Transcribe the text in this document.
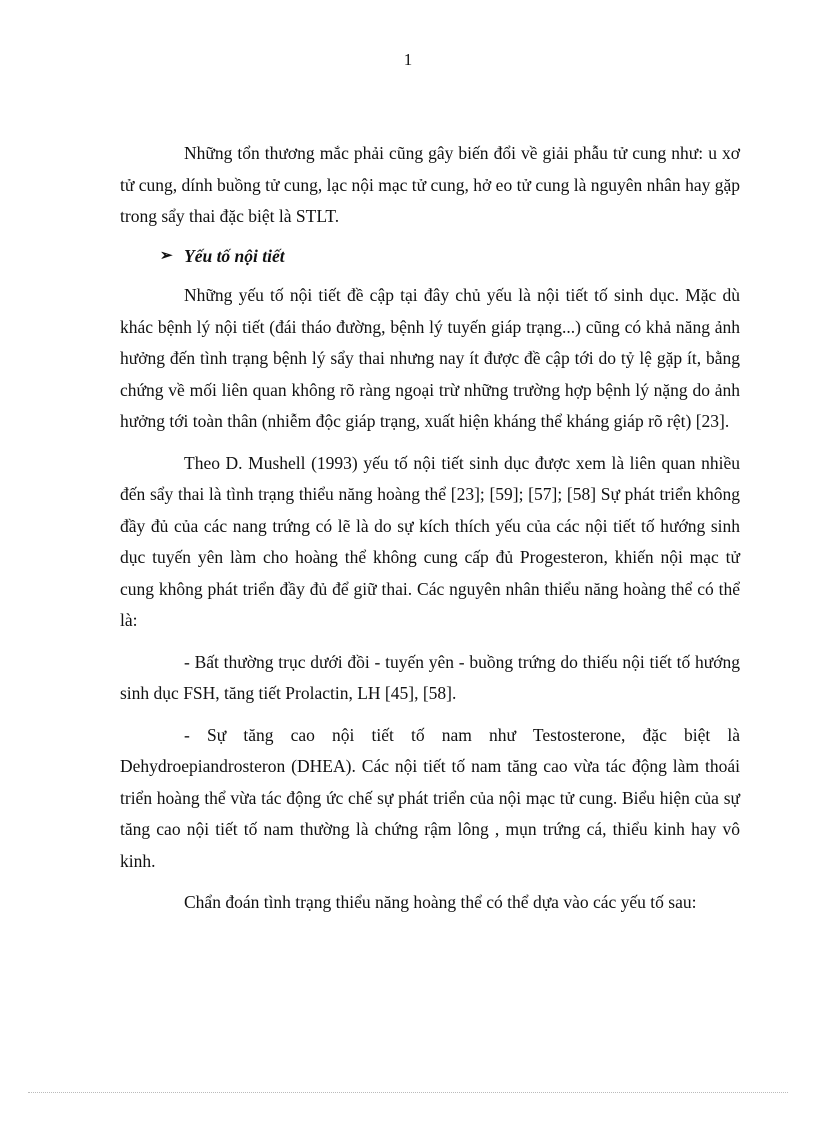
1

Những tổn thương mắc phải cũng gây biến đổi về giải phẫu tử cung như: u xơ tử cung, dính buồng tử cung, lạc nội mạc tử cung, hở eo tử cung là nguyên nhân hay gặp trong sẩy thai đặc biệt là STLT.

➢ Yếu tố nội tiết

Những yếu tố nội tiết đề cập tại đây chủ yếu là nội tiết tố sinh dục. Mặc dù khác bệnh lý nội tiết (đái tháo đường, bệnh lý tuyến giáp trạng...) cũng có khả năng ảnh hưởng đến tình trạng bệnh lý sẩy thai nhưng nay ít được đề cập tới do tỷ lệ gặp ít, bằng chứng về mối liên quan không rõ ràng ngoại trừ những trường hợp bệnh lý nặng do ảnh hưởng tới toàn thân (nhiễm độc giáp trạng, xuất hiện kháng thể kháng giáp rõ rệt) [23].

Theo D. Mushell (1993) yếu tố nội tiết sinh dục được xem là liên quan nhiều đến sẩy thai là tình trạng thiểu năng hoàng thể [23]; [59]; [57]; [58] Sự phát triển không đầy đủ của các nang trứng có lẽ là do sự kích thích yếu của các nội tiết tố hướng sinh dục tuyến yên làm cho hoàng thể không cung cấp đủ Progesteron, khiến nội mạc tử cung không phát triển đầy đủ để giữ thai. Các nguyên nhân thiểu năng hoàng thể có thể là:

- Bất thường trục dưới đồi - tuyến yên - buồng trứng do thiếu nội tiết tố hướng sinh dục FSH, tăng tiết Prolactin, LH [45], [58].

- Sự tăng cao nội tiết tố nam như Testosterone, đặc biệt là Dehydroepiandrosteron (DHEA). Các nội tiết tố nam tăng cao vừa tác động làm thoái triển hoàng thể vừa tác động ức chế sự phát triển của nội mạc tử cung. Biểu hiện của sự tăng cao nội tiết tố nam thường là chứng rậm lông , mụn trứng cá, thiểu kinh hay vô kinh.

Chẩn đoán tình trạng thiểu năng hoàng thể có thể dựa vào các yếu tố sau:
